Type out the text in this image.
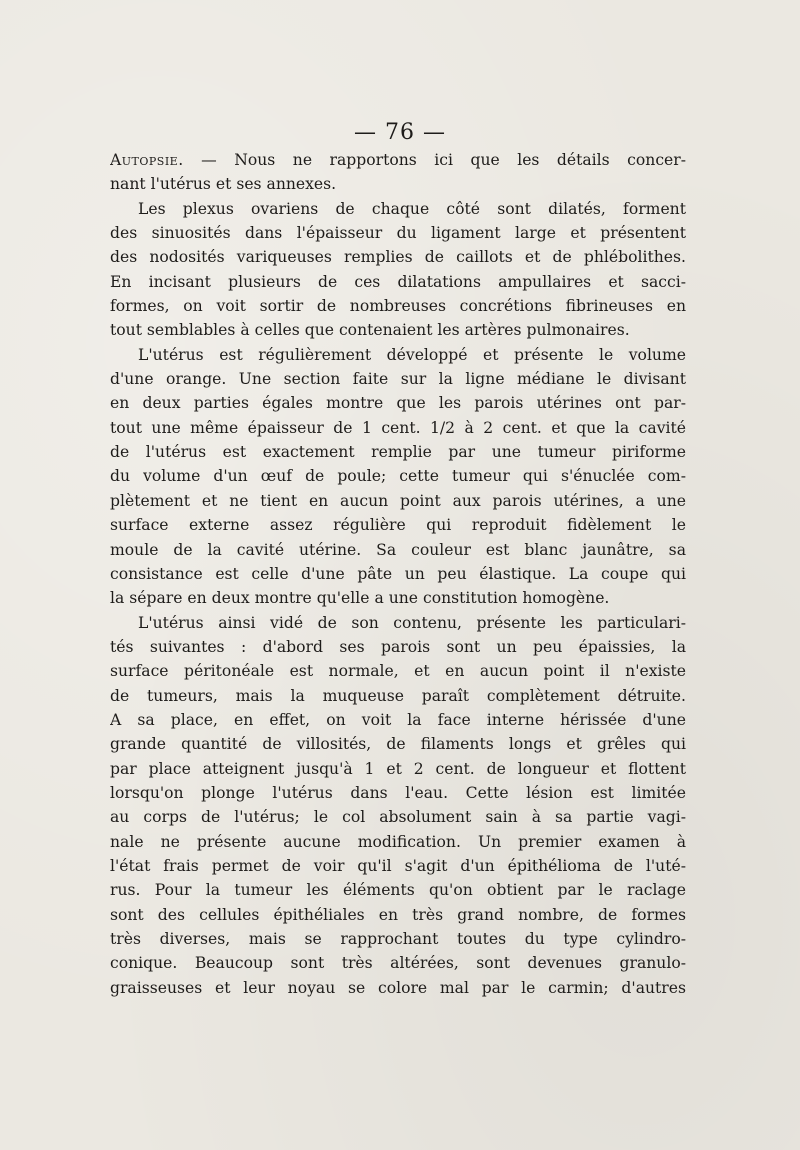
— 76 —
Autopsie. — Nous ne rapportons ici que les détails concer-
nant l'utérus et ses annexes.
Les plexus ovariens de chaque côté sont dilatés, forment
des sinuosités dans l'épaisseur du ligament large et présentent
des nodosités variqueuses remplies de caillots et de phlébolithes.
En incisant plusieurs de ces dilatations ampullaires et sacci-
formes, on voit sortir de nombreuses concrétions fibrineuses en
tout semblables à celles que contenaient les artères pulmonaires.
L'utérus est régulièrement développé et présente le volume
d'une orange. Une section faite sur la ligne médiane le divisant
en deux parties égales montre que les parois utérines ont par-
tout une même épaisseur de 1 cent. 1/2 à 2 cent. et que la cavité
de l'utérus est exactement remplie par une tumeur piriforme
du volume d'un œuf de poule; cette tumeur qui s'énuclée com-
plètement et ne tient en aucun point aux parois utérines, a une
surface externe assez régulière qui reproduit fidèlement le
moule de la cavité utérine. Sa couleur est blanc jaunâtre, sa
consistance est celle d'une pâte un peu élastique. La coupe qui
la sépare en deux montre qu'elle a une constitution homogène.
L'utérus ainsi vidé de son contenu, présente les particulari-
tés suivantes : d'abord ses parois sont un peu épaissies, la
surface péritonéale est normale, et en aucun point il n'existe
de tumeurs, mais la muqueuse paraît complètement détruite.
A sa place, en effet, on voit la face interne hérissée d'une
grande quantité de villosités, de filaments longs et grêles qui
par place atteignent jusqu'à 1 et 2 cent. de longueur et flottent
lorsqu'on plonge l'utérus dans l'eau. Cette lésion est limitée
au corps de l'utérus; le col absolument sain à sa partie vagi-
nale ne présente aucune modification. Un premier examen à
l'état frais permet de voir qu'il s'agit d'un épithélioma de l'uté-
rus. Pour la tumeur les éléments qu'on obtient par le raclage
sont des cellules épithéliales en très grand nombre, de formes
très diverses, mais se rapprochant toutes du type cylindro-
conique. Beaucoup sont très altérées, sont devenues granulo-
graisseuses et leur noyau se colore mal par le carmin; d'autres
